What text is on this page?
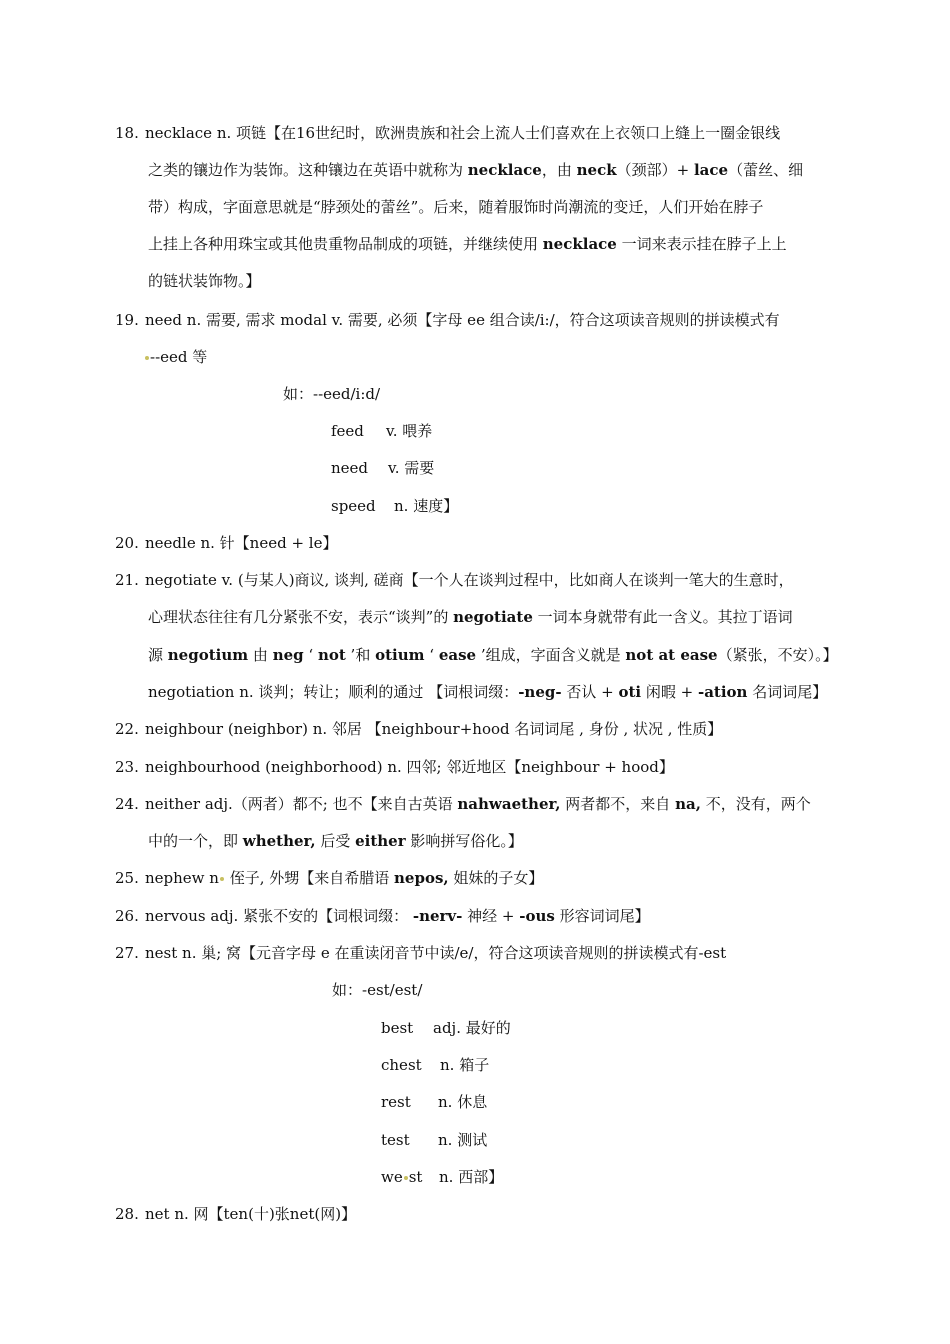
18. necklace n. 项链【在16世纪时，欧洲贵族和社会上流人士们喜欢在上衣领口上缝上一圈金银线
之类的镶边作为装饰。这种镶边在英语中就称为 necklace，由 neck（颈部）+ lace（蕾丝、细
带）构成，字面意思就是“脖颈处的蕾丝”。后来，随着服饰时尚潮流的变迁，人们开始在脖子
上挂上各种用珠宝或其他贵重物品制成的项链，并继续使用 necklace 一词来表示挂在脖子上上
的链状装饰物。】
19. need n. 需要, 需求 modal v. 需要, 必须【字母 ee 组合读/i:/，符合这项读音规则的拼读模式有
--eed 等
如：--eed/i:d/
feed v. 喂养
need v. 需要
speed n. 速度】
20. needle n. 针【need + le】
21. negotiate v. (与某人)商议, 谈判, 磋商【一个人在谈判过程中，比如商人在谈判一笔大的生意时，
心理状态往往有几分紧张不安，表示“谈判”的 negotiate 一词本身就带有此一含义。其拉丁语词
源 negotium 由 neg ‘ not ’和 otium ‘ ease ’组成，字面含义就是 not at ease（紧张，不安）。】
negotiation n. 谈判；转让；顺利的通过 【词根词缀：-neg- 否认 + oti 闲暇 + -ation 名词词尾】
22. neighbour (neighbor) n. 邻居 【neighbour+hood 名词词尾 , 身份 , 状况 , 性质】
23. neighbourhood (neighborhood) n. 四邻; 邻近地区【neighbour + hood】
24. neither adj.（两者）都不; 也不【来自古英语 nahwaether, 两者都不，来自 na, 不，没有，两个
中的一个，即 whether, 后受 either 影响拼写俗化。】
25. nephew n 侄子, 外甥【来自希腊语 nepos, 姐妹的子女】
26. nervous adj. 紧张不安的【词根词缀： -nerv- 神经 + -ous 形容词词尾】
27. nest n. 巢; 窝【元音字母 e 在重读闭音节中读/e/，符合这项读音规则的拼读模式有-est
如：-est/est/
best adj. 最好的
chest n. 箱子
rest n. 休息
test n. 测试
we st n. 西部】
28. net n. 网【ten(十)张net(网)】
